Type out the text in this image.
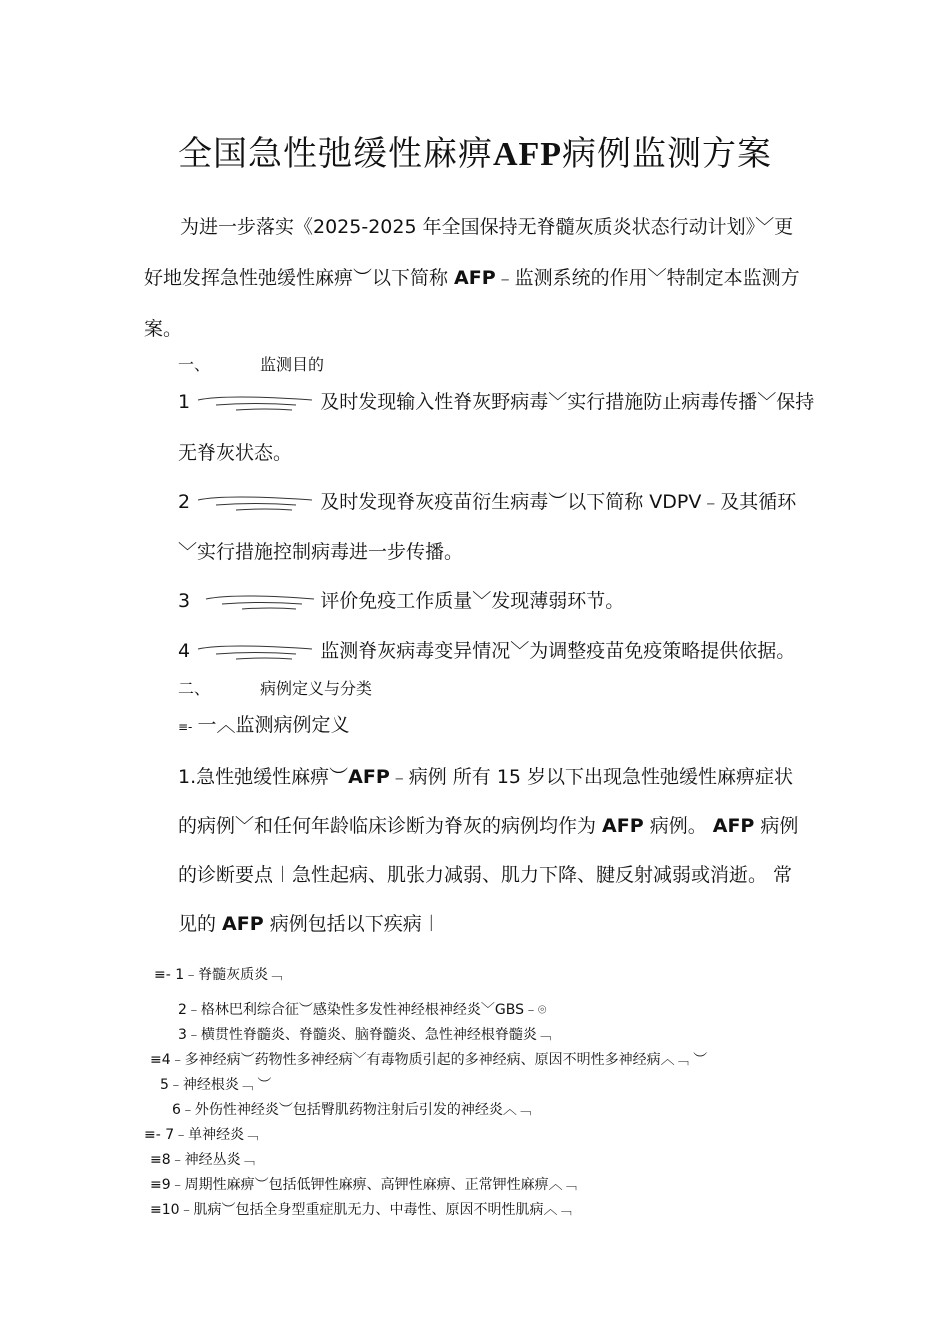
全国急性弛缓性麻痹AFP病例监测方案
为进一步落实《2025-2025 年全国保持无脊髓灰质炎状态行动计划》﹀更
好地发挥急性弛缓性麻痹︶以下简称 AFP﹣监测系统的作用﹀特制定本监测方
案。
一、	监测目的
1	及时发现输入性脊灰野病毒﹀实行措施防止病毒传播﹀保持
无脊灰状态。
2	及时发现脊灰疫苗衍生病毒︶以下简称 VDPV﹣及其循环
﹀实行措施控制病毒进一步传播。
3	评价免疫工作质量﹀发现薄弱环节。
4	监测脊灰病毒变异情况﹀为调整疫苗免疫策略提供依据。
二、	病例定义与分类
≡- 一︿监测病例定义
1.急性弛缓性麻痹︶AFP﹣病例 所有 15 岁以下出现急性弛缓性麻痹症状
的病例﹀和任何年龄临床诊断为脊灰的病例均作为 AFP 病例。 AFP 病例
的诊断要点︱急性起病、肌张力减弱、肌力下降、腱反射减弱或消逝。 常
见的 AFP 病例包括以下疾病︱
≡- 1﹣脊髓灰质炎﹁
2﹣格林巴利综合征︶感染性多发性神经根神经炎﹀GBS﹣⌾
3﹣横贯性脊髓炎、脊髓炎、脑脊髓炎、急性神经根脊髓炎﹁
≡4﹣多神经病︶药物性多神经病﹀有毒物质引起的多神经病、原因不明性多神经病︿﹁ ︶
5﹣神经根炎﹁ ︶
6﹣外伤性神经炎︶包括臀肌药物注射后引发的神经炎︿﹁
≡- 7﹣单神经炎﹁
≡8﹣神经丛炎﹁
≡9﹣周期性麻痹︶包括低钾性麻痹、高钾性麻痹、正常钾性麻痹︿﹁
≡10﹣肌病︶包括全身型重症肌无力、中毒性、原因不明性肌病︿﹁
